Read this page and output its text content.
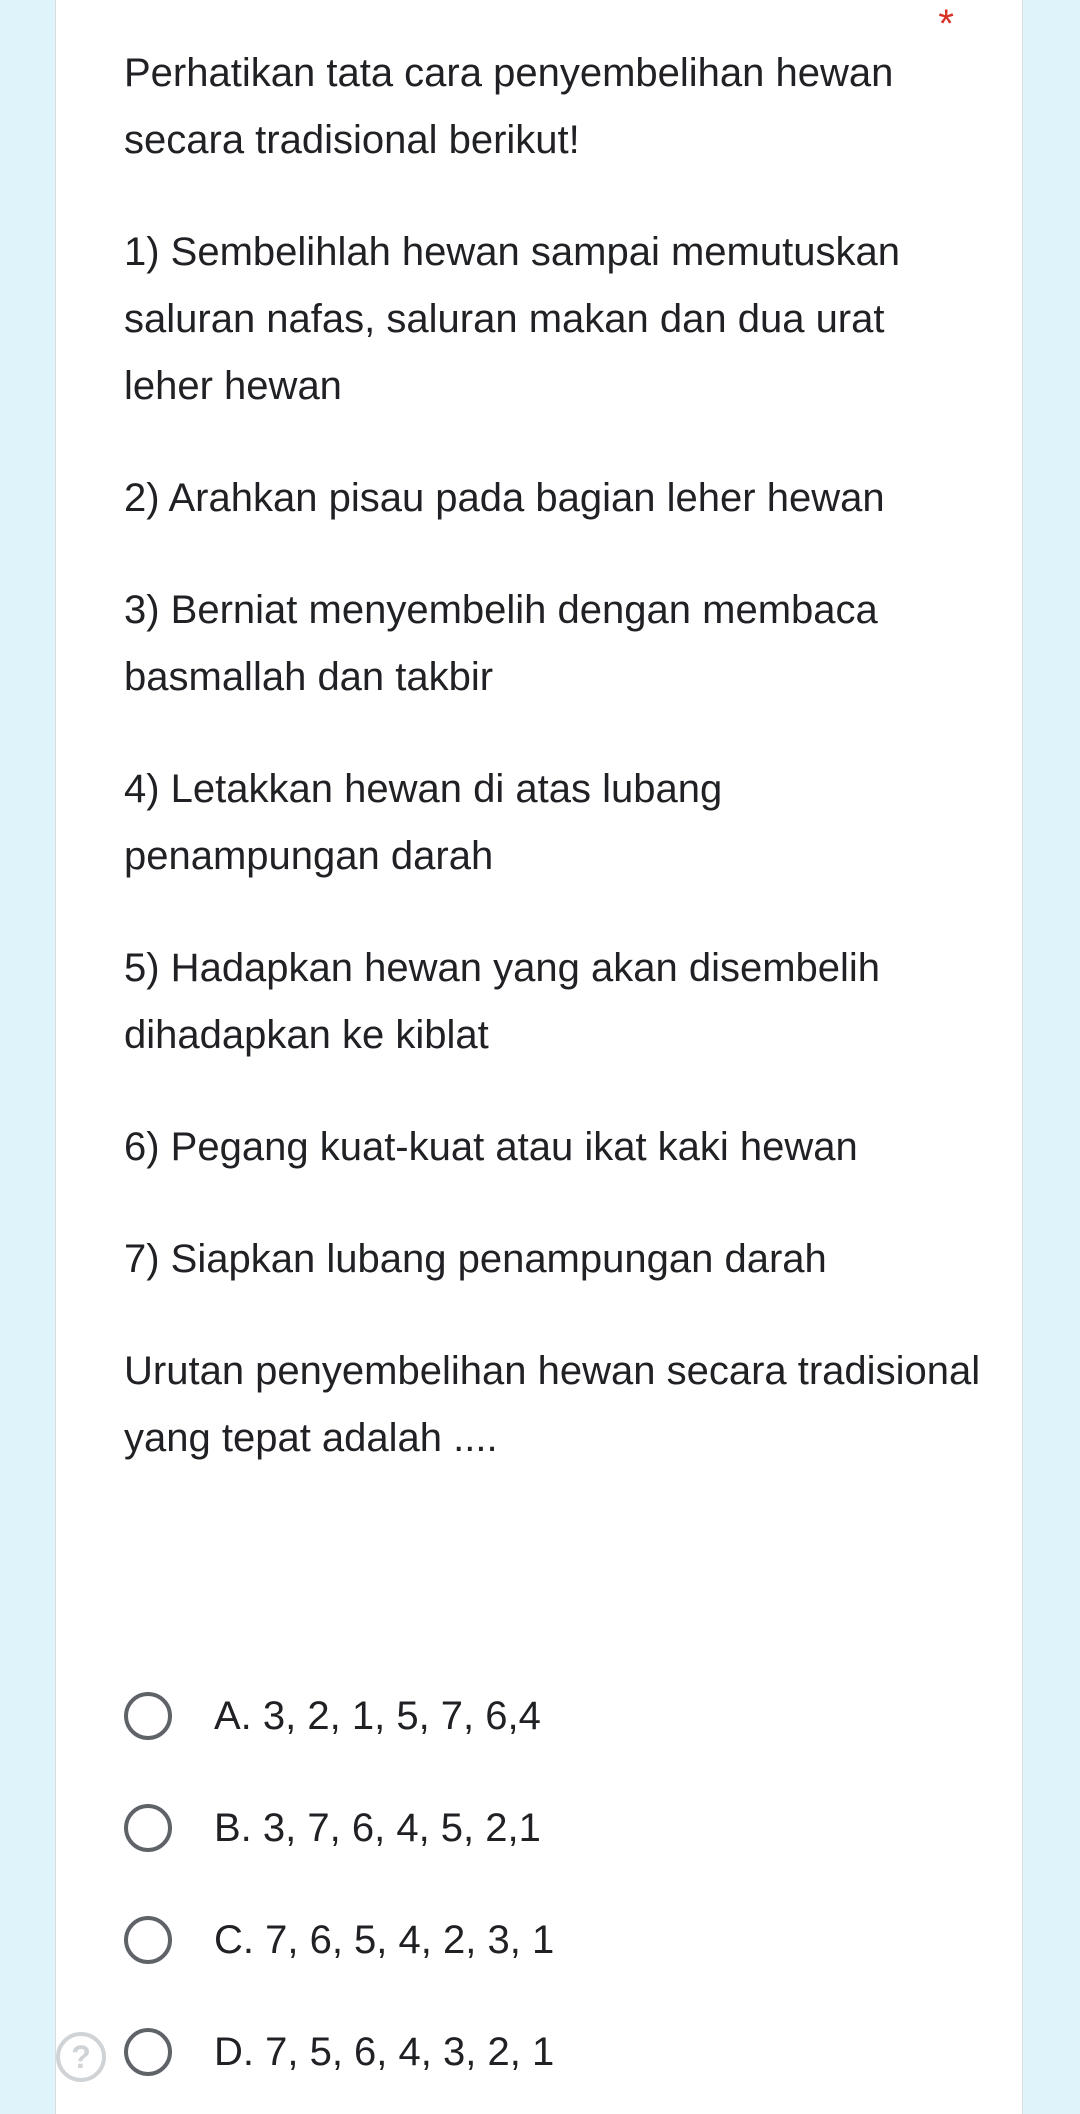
*

Perhatikan tata cara penyembelihan hewan secara tradisional berikut!

1) Sembelihlah hewan sampai memutuskan saluran nafas, saluran makan dan dua urat leher hewan

2) Arahkan pisau pada bagian leher hewan

3) Berniat menyembelih dengan membaca basmallah dan takbir

4) Letakkan hewan di atas lubang penampungan darah

5) Hadapkan hewan yang akan disembelih dihadapkan ke kiblat

6) Pegang kuat-kuat atau ikat kaki hewan

7) Siapkan lubang penampungan darah

Urutan penyembelihan hewan secara tradisional yang tepat adalah ....

A. 3, 2, 1, 5, 7, 6,4
B. 3, 7, 6, 4, 5, 2,1
C. 7, 6, 5, 4, 2, 3, 1
D. 7, 5, 6, 4, 3, 2, 1
?
